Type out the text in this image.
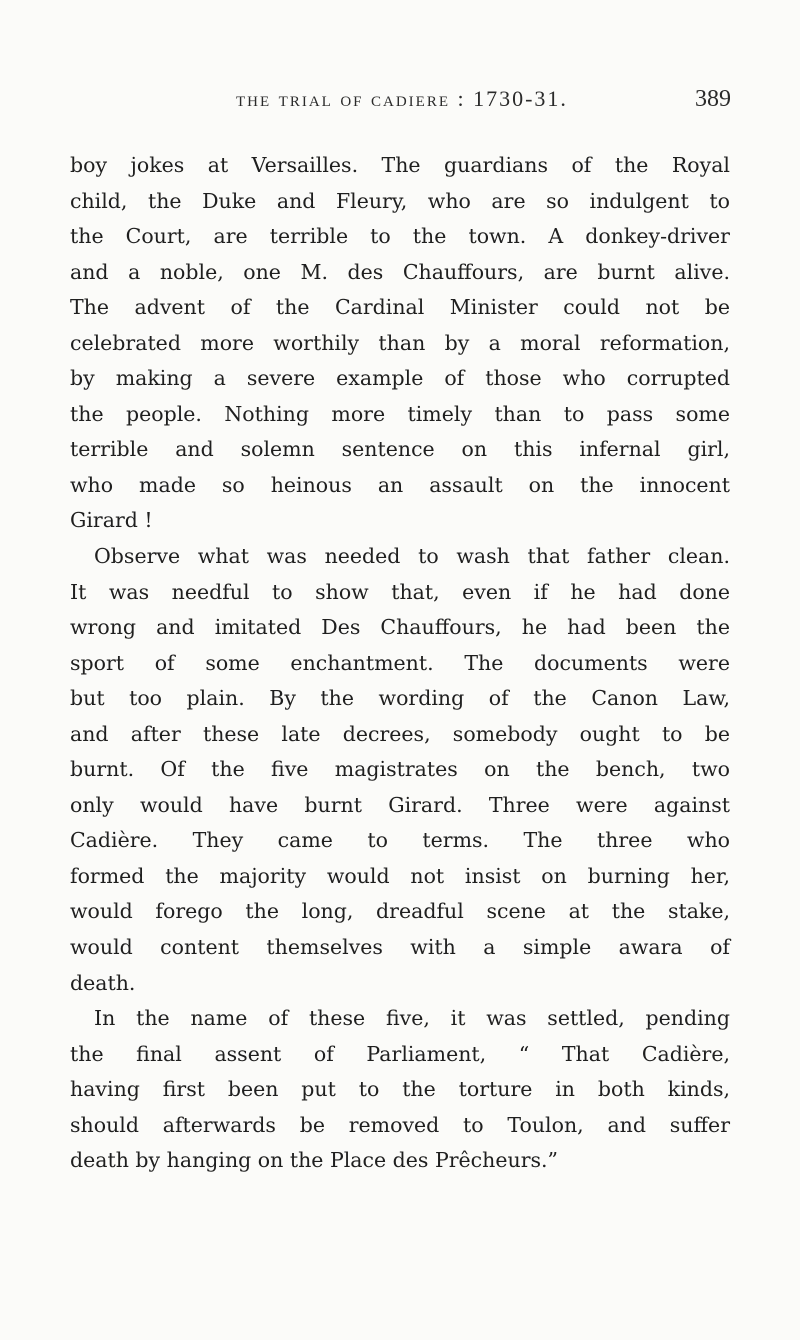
the trial of cadiere : 1730-31.	389
boy jokes at Versailles. The guardians of the Royal
child, the Duke and Fleury, who are so indulgent to
the Court, are terrible to the town. A donkey-driver
and a noble, one M. des Chauffours, are burnt alive.
The advent of the Cardinal Minister could not be
celebrated more worthily than by a moral reformation,
by making a severe example of those who corrupted
the people. Nothing more timely than to pass some
terrible and solemn sentence on this infernal girl,
who made so heinous an assault on the innocent
Girard !
Observe what was needed to wash that father clean.
It was needful to show that, even if he had done
wrong and imitated Des Chauffours, he had been the
sport of some enchantment. The documents were
but too plain. By the wording of the Canon Law,
and after these late decrees, somebody ought to be
burnt. Of the five magistrates on the bench, two
only would have burnt Girard. Three were against
Cadière. They came to terms. The three who
formed the majority would not insist on burning her,
would forego the long, dreadful scene at the stake,
would content themselves with a simple awara of
death.
In the name of these five, it was settled, pending
the final assent of Parliament, “ That Cadière,
having first been put to the torture in both kinds,
should afterwards be removed to Toulon, and suffer
death by hanging on the Place des Prêcheurs.”
